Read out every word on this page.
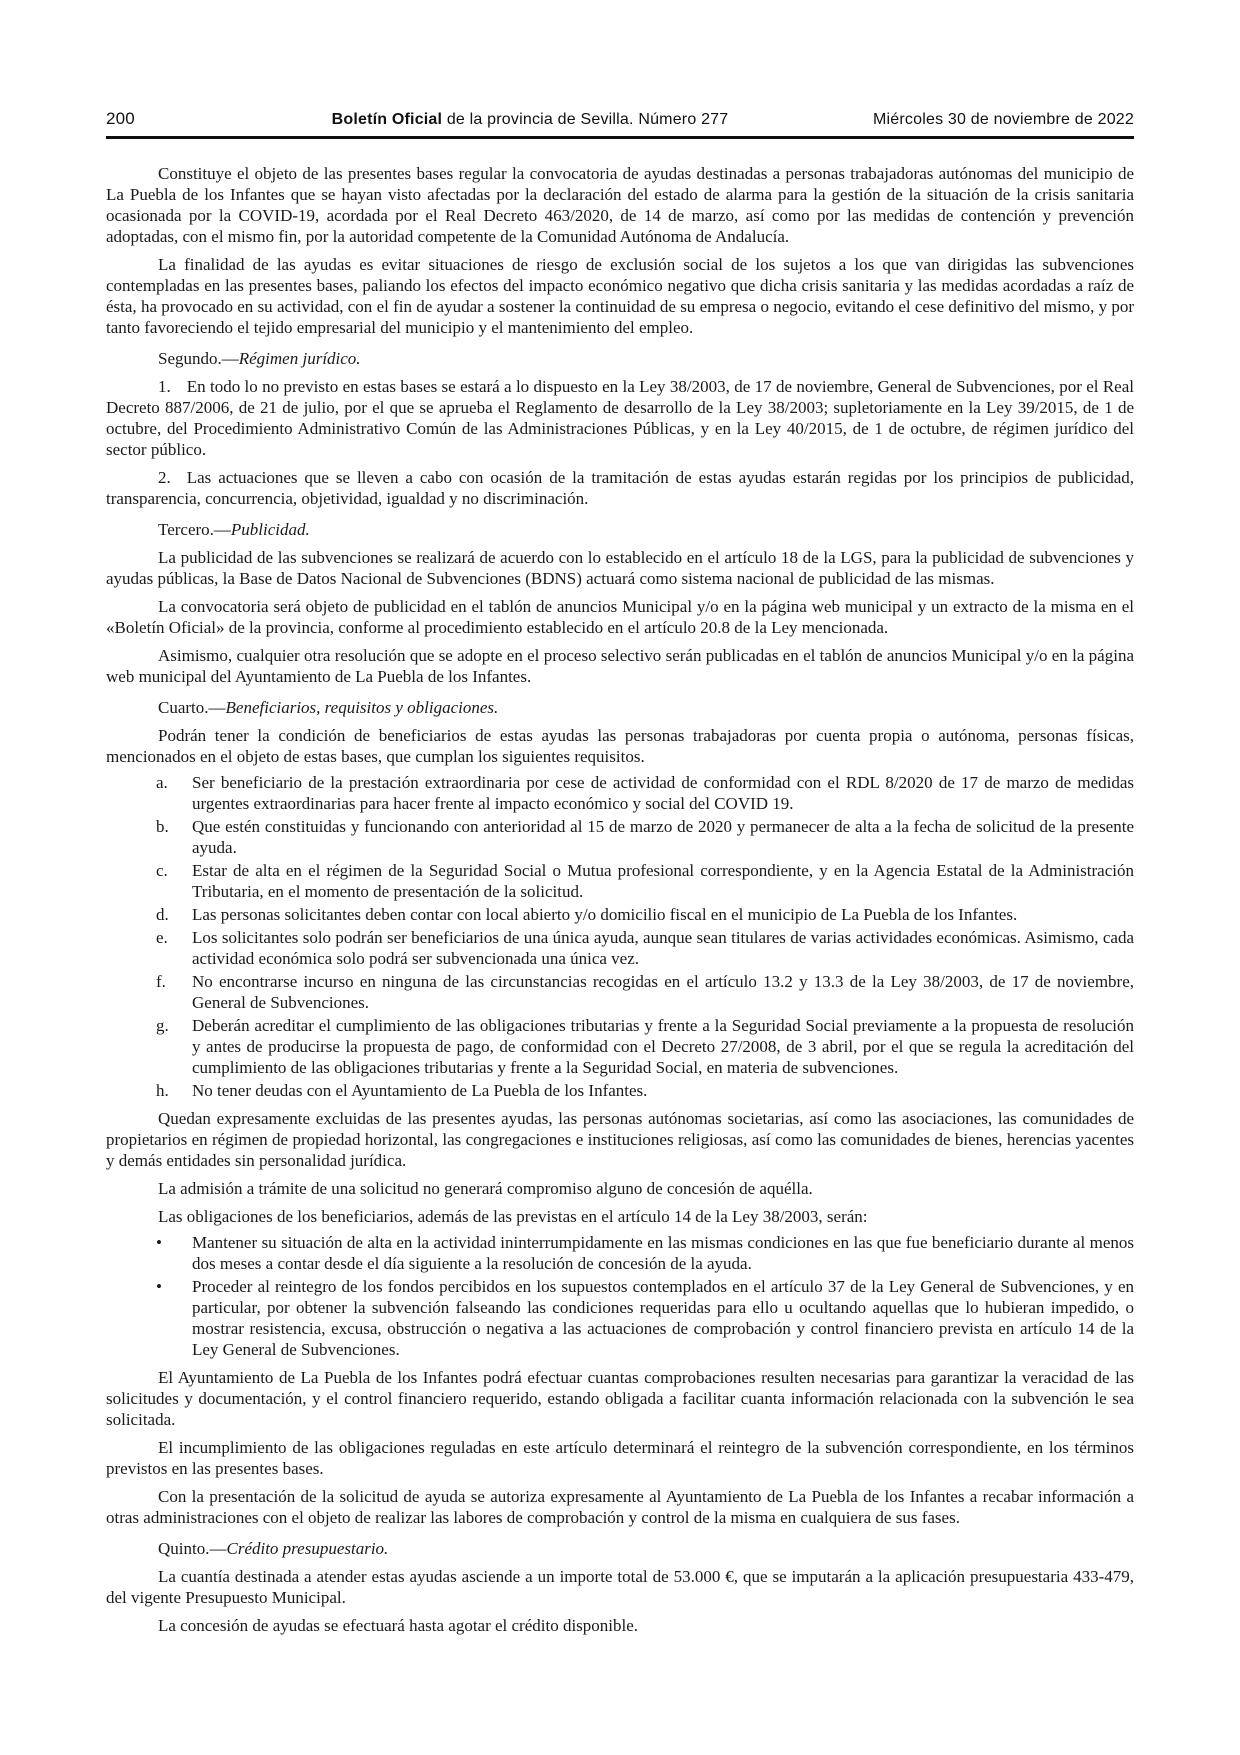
200	Boletín Oficial de la provincia de Sevilla. Número 277	Miércoles 30 de noviembre de 2022

Constituye el objeto de las presentes bases regular la convocatoria de ayudas destinadas a personas trabajadoras autónomas del municipio de La Puebla de los Infantes que se hayan visto afectadas por la declaración del estado de alarma para la gestión de la situación de la crisis sanitaria ocasionada por la COVID-19, acordada por el Real Decreto 463/2020, de 14 de marzo, así como por las medidas de contención y prevención adoptadas, con el mismo fin, por la autoridad competente de la Comunidad Autónoma de Andalucía.

La finalidad de las ayudas es evitar situaciones de riesgo de exclusión social de los sujetos a los que van dirigidas las subvenciones contempladas en las presentes bases, paliando los efectos del impacto económico negativo que dicha crisis sanitaria y las medidas acordadas a raíz de ésta, ha provocado en su actividad, con el fin de ayudar a sostener la continuidad de su empresa o negocio, evitando el cese definitivo del mismo, y por tanto favoreciendo el tejido empresarial del municipio y el mantenimiento del empleo.

Segundo.—Régimen jurídico.

1. En todo lo no previsto en estas bases se estará a lo dispuesto en la Ley 38/2003, de 17 de noviembre, General de Subvenciones, por el Real Decreto 887/2006, de 21 de julio, por el que se aprueba el Reglamento de desarrollo de la Ley 38/2003; supletoriamente en la Ley 39/2015, de 1 de octubre, del Procedimiento Administrativo Común de las Administraciones Públicas, y en la Ley 40/2015, de 1 de octubre, de régimen jurídico del sector público.

2. Las actuaciones que se lleven a cabo con ocasión de la tramitación de estas ayudas estarán regidas por los principios de publicidad, transparencia, concurrencia, objetividad, igualdad y no discriminación.

Tercero.—Publicidad.

La publicidad de las subvenciones se realizará de acuerdo con lo establecido en el artículo 18 de la LGS, para la publicidad de subvenciones y ayudas públicas, la Base de Datos Nacional de Subvenciones (BDNS) actuará como sistema nacional de publicidad de las mismas.

La convocatoria será objeto de publicidad en el tablón de anuncios Municipal y/o en la página web municipal y un extracto de la misma en el «Boletín Oficial» de la provincia, conforme al procedimiento establecido en el artículo 20.8 de la Ley mencionada.

Asimismo, cualquier otra resolución que se adopte en el proceso selectivo serán publicadas en el tablón de anuncios Municipal y/o en la página web municipal del Ayuntamiento de La Puebla de los Infantes.

Cuarto.—Beneficiarios, requisitos y obligaciones.

Podrán tener la condición de beneficiarios de estas ayudas las personas trabajadoras por cuenta propia o autónoma, personas físicas, mencionados en el objeto de estas bases, que cumplan los siguientes requisitos.

a.	Ser beneficiario de la prestación extraordinaria por cese de actividad de conformidad con el RDL 8/2020 de 17 de marzo de medidas urgentes extraordinarias para hacer frente al impacto económico y social del COVID 19.
b.	Que estén constituidas y funcionando con anterioridad al 15 de marzo de 2020 y permanecer de alta a la fecha de solicitud de la presente ayuda.
c.	Estar de alta en el régimen de la Seguridad Social o Mutua profesional correspondiente, y en la Agencia Estatal de la Administración Tributaria, en el momento de presentación de la solicitud.
d.	Las personas solicitantes deben contar con local abierto y/o domicilio fiscal en el municipio de La Puebla de los Infantes.
e.	Los solicitantes solo podrán ser beneficiarios de una única ayuda, aunque sean titulares de varias actividades económicas. Asimismo, cada actividad económica solo podrá ser subvencionada una única vez.
f.	No encontrarse incurso en ninguna de las circunstancias recogidas en el artículo 13.2 y 13.3 de la Ley 38/2003, de 17 de noviembre, General de Subvenciones.
g.	Deberán acreditar el cumplimiento de las obligaciones tributarias y frente a la Seguridad Social previamente a la propuesta de resolución y antes de producirse la propuesta de pago, de conformidad con el Decreto 27/2008, de 3 abril, por el que se regula la acreditación del cumplimiento de las obligaciones tributarias y frente a la Seguridad Social, en materia de subvenciones.
h.	No tener deudas con el Ayuntamiento de La Puebla de los Infantes.

Quedan expresamente excluidas de las presentes ayudas, las personas autónomas societarias, así como las asociaciones, las comunidades de propietarios en régimen de propiedad horizontal, las congregaciones e instituciones religiosas, así como las comunidades de bienes, herencias yacentes y demás entidades sin personalidad jurídica.

La admisión a trámite de una solicitud no generará compromiso alguno de concesión de aquélla.

Las obligaciones de los beneficiarios, además de las previstas en el artículo 14 de la Ley 38/2003, serán:

•	Mantener su situación de alta en la actividad ininterrumpidamente en las mismas condiciones en las que fue beneficiario durante al menos dos meses a contar desde el día siguiente a la resolución de concesión de la ayuda.
•	Proceder al reintegro de los fondos percibidos en los supuestos contemplados en el artículo 37 de la Ley General de Subvenciones, y en particular, por obtener la subvención falseando las condiciones requeridas para ello u ocultando aquellas que lo hubieran impedido, o mostrar resistencia, excusa, obstrucción o negativa a las actuaciones de comprobación y control financiero prevista en artículo 14 de la Ley General de Subvenciones.

El Ayuntamiento de La Puebla de los Infantes podrá efectuar cuantas comprobaciones resulten necesarias para garantizar la veracidad de las solicitudes y documentación, y el control financiero requerido, estando obligada a facilitar cuanta información relacionada con la subvención le sea solicitada.

El incumplimiento de las obligaciones reguladas en este artículo determinará el reintegro de la subvención correspondiente, en los términos previstos en las presentes bases.

Con la presentación de la solicitud de ayuda se autoriza expresamente al Ayuntamiento de La Puebla de los Infantes a recabar información a otras administraciones con el objeto de realizar las labores de comprobación y control de la misma en cualquiera de sus fases.

Quinto.—Crédito presupuestario.

La cuantía destinada a atender estas ayudas asciende a un importe total de 53.000 €, que se imputarán a la aplicación presupuestaria 433-479, del vigente Presupuesto Municipal.

La concesión de ayudas se efectuará hasta agotar el crédito disponible.
